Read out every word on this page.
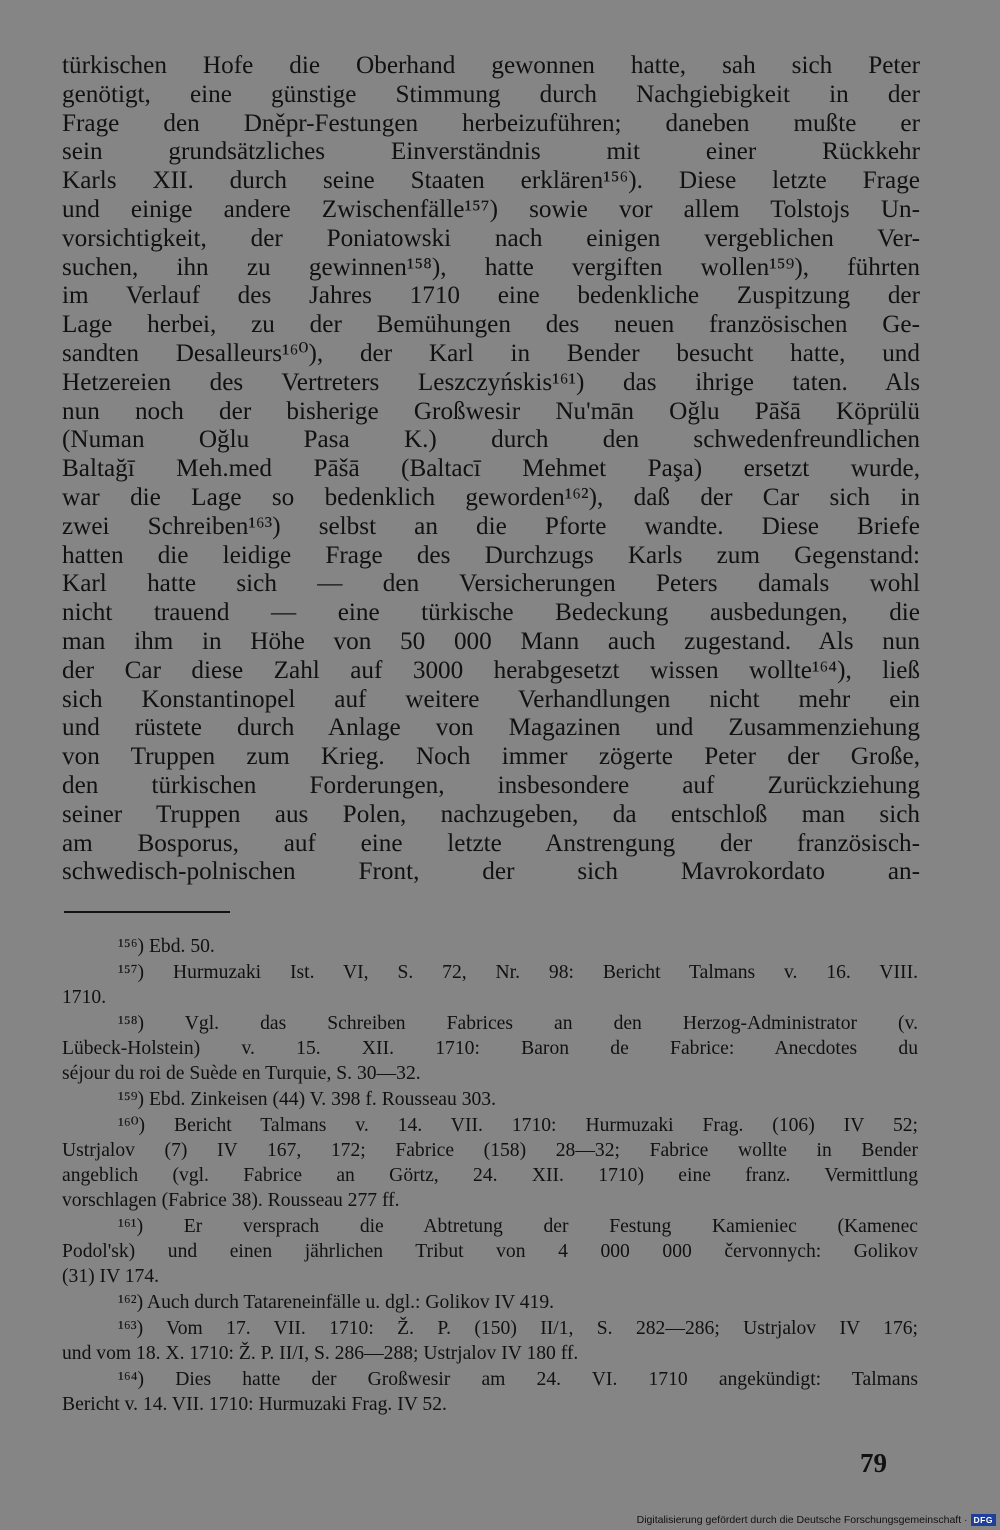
türkischen Hofe die Oberhand gewonnen hatte, sah sich Peter
genötigt, eine günstige Stimmung durch Nachgiebigkeit in der
Frage den Dněpr-Festungen herbeizuführen; daneben mußte er
sein grundsätzliches Einverständnis mit einer Rückkehr
Karls XII. durch seine Staaten erklären¹⁵⁶). Diese letzte Frage
und einige andere Zwischenfälle¹⁵⁷) sowie vor allem Tolstojs Un-
vorsichtigkeit, der Poniatowski nach einigen vergeblichen Ver-
suchen, ihn zu gewinnen¹⁵⁸), hatte vergiften wollen¹⁵⁹), führten
im Verlauf des Jahres 1710 eine bedenkliche Zuspitzung der
Lage herbei, zu der Bemühungen des neuen französischen Ge-
sandten Desalleurs¹⁶⁰), der Karl in Bender besucht hatte, und
Hetzereien des Vertreters Leszczyńskis¹⁶¹) das ihrige taten. Als
nun noch der bisherige Großwesir Nu'mān Oğlu Pāšā Köprülü
(Numan Oğlu Pasa K.) durch den schwedenfreundlichen
Baltağī Meh.med Pāšā (Baltacī Mehmet Paşa) ersetzt wurde,
war die Lage so bedenklich geworden¹⁶²), daß der Car sich in
zwei Schreiben¹⁶³) selbst an die Pforte wandte. Diese Briefe
hatten die leidige Frage des Durchzugs Karls zum Gegenstand:
Karl hatte sich — den Versicherungen Peters damals wohl
nicht trauend — eine türkische Bedeckung ausbedungen, die
man ihm in Höhe von 50 000 Mann auch zugestand. Als nun
der Car diese Zahl auf 3000 herabgesetzt wissen wollte¹⁶⁴), ließ
sich Konstantinopel auf weitere Verhandlungen nicht mehr ein
und rüstete durch Anlage von Magazinen und Zusammenziehung
von Truppen zum Krieg. Noch immer zögerte Peter der Große,
den türkischen Forderungen, insbesondere auf Zurückziehung
seiner Truppen aus Polen, nachzugeben, da entschloß man sich
am Bosporus, auf eine letzte Anstrengung der französisch-
schwedisch-polnischen Front, der sich Mavrokordato an-
¹⁵⁶) Ebd. 50.
¹⁵⁷) Hurmuzaki Ist. VI, S. 72, Nr. 98: Bericht Talmans v. 16. VIII.
1710.
¹⁵⁸) Vgl. das Schreiben Fabrices an den Herzog-Administrator (v.
Lübeck-Holstein) v. 15. XII. 1710: Baron de Fabrice: Anecdotes du
séjour du roi de Suède en Turquie, S. 30—32.
¹⁵⁹) Ebd. Zinkeisen (44) V. 398 f. Rousseau 303.
¹⁶⁰) Bericht Talmans v. 14. VII. 1710: Hurmuzaki Frag. (106) IV 52;
Ustrjalov (7) IV 167, 172; Fabrice (158) 28—32; Fabrice wollte in Bender
angeblich (vgl. Fabrice an Görtz, 24. XII. 1710) eine franz. Vermittlung
vorschlagen (Fabrice 38). Rousseau 277 ff.
¹⁶¹) Er versprach die Abtretung der Festung Kamieniec (Kamenec
Podol'sk) und einen jährlichen Tribut von 4 000 000 červonnych: Golikov
(31) IV 174.
¹⁶²) Auch durch Tatareneinfälle u. dgl.: Golikov IV 419.
¹⁶³) Vom 17. VII. 1710: Ž. P. (150) II/1, S. 282—286; Ustrjalov IV 176;
und vom 18. X. 1710: Ž. P. II/I, S. 286—288; Ustrjalov IV 180 ff.
¹⁶⁴) Dies hatte der Großwesir am 24. VI. 1710 angekündigt: Talmans
Bericht v. 14. VII. 1710: Hurmuzaki Frag. IV 52.
79
Digitalisierung gefördert durch die Deutsche Forschungsgemeinschaft · DFG
